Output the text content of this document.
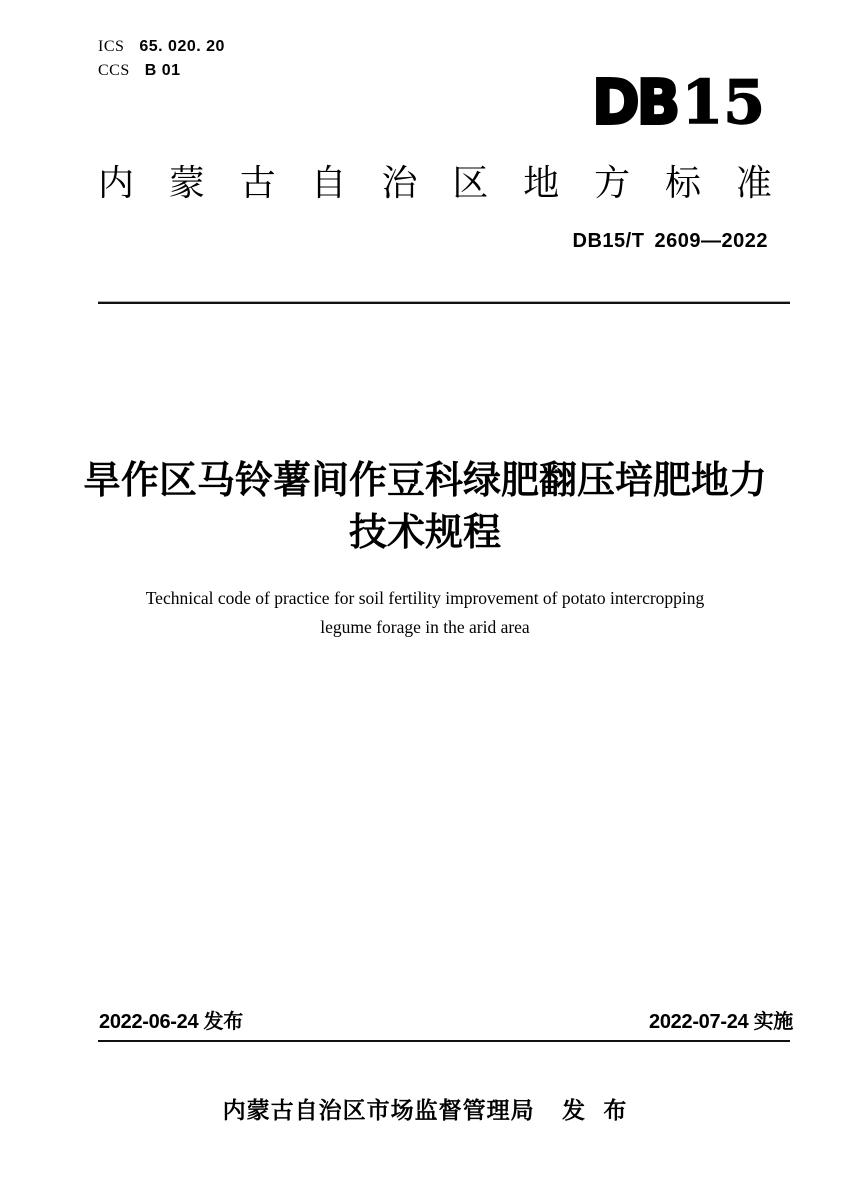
ICS 65. 020. 20
CCS B 01	DB15
内 蒙 古 自 治 区 地 方 标 准
DB15/T 2609—2022
旱作区马铃薯间作豆科绿肥翻压培肥地力
技术规程
Technical code of practice for soil fertility improvement of potato intercropping
legume forage in the arid area
2022-06-24 发布	2022-07-24 实施
内蒙古自治区市场监督管理局 发 布
